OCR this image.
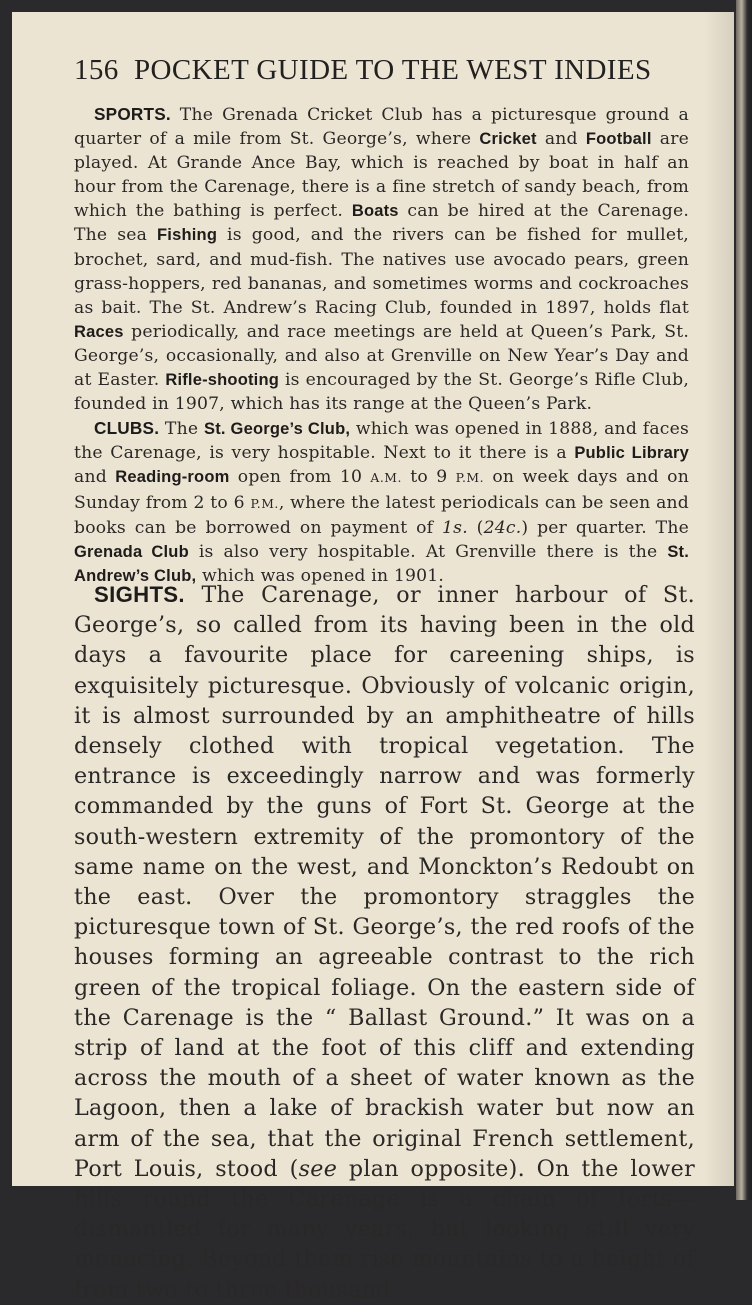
156 POCKET GUIDE TO THE WEST INDIES

SPORTS. The Grenada Cricket Club has a picturesque ground a quarter of a mile from St. George’s, where Cricket and Football are played. At Grande Ance Bay, which is reached by boat in half an hour from the Carenage, there is a fine stretch of sandy beach, from which the bathing is perfect. Boats can be hired at the Carenage. The sea Fishing is good, and the rivers can be fished for mullet, brochet, sard, and mud-fish. The natives use avocado pears, green grass-hoppers, red bananas, and sometimes worms and cockroaches as bait. The St. Andrew’s Racing Club, founded in 1897, holds flat Races periodically, and race meetings are held at Queen’s Park, St. George’s, occasionally, and also at Grenville on New Year’s Day and at Easter. Rifle-shooting is encouraged by the St. George’s Rifle Club, founded in 1907, which has its range at the Queen’s Park.

CLUBS. The St. George’s Club, which was opened in 1888, and faces the Carenage, is very hospitable. Next to it there is a Public Library and Reading-room open from 10 A.M. to 9 P.M. on week days and on Sunday from 2 to 6 P.M., where the latest periodicals can be seen and books can be borrowed on payment of 1s. (24c.) per quarter. The Grenada Club is also very hospitable. At Grenville there is the St. Andrew’s Club, which was opened in 1901.

SIGHTS. The Carenage, or inner harbour of St. George’s, so called from its having been in the old days a favourite place for careening ships, is exquisitely picturesque. Obviously of volcanic origin, it is almost surrounded by an amphitheatre of hills densely clothed with tropical vegetation. The entrance is exceedingly narrow and was formerly commanded by the guns of Fort St. George at the south-western extremity of the promontory of the same name on the west, and Monckton’s Redoubt on the east. Over the promontory straggles the picturesque town of St. George’s, the red roofs of the houses forming an agreeable contrast to the rich green of the tropical foliage. On the eastern side of the Carenage is the “ Ballast Ground.” It was on a strip of land at the foot of this cliff and extending across the mouth of a sheet of water known as the Lagoon, then a lake of brackish water but now an arm of the sea, that the original French settlement, Port Louis, stood (see plan opposite). On the lower hills round the Carenage is a chain of forts—dismantled for many years, but looking still very menacing. Beyond them rise mountains to a height of from two to three thousand
